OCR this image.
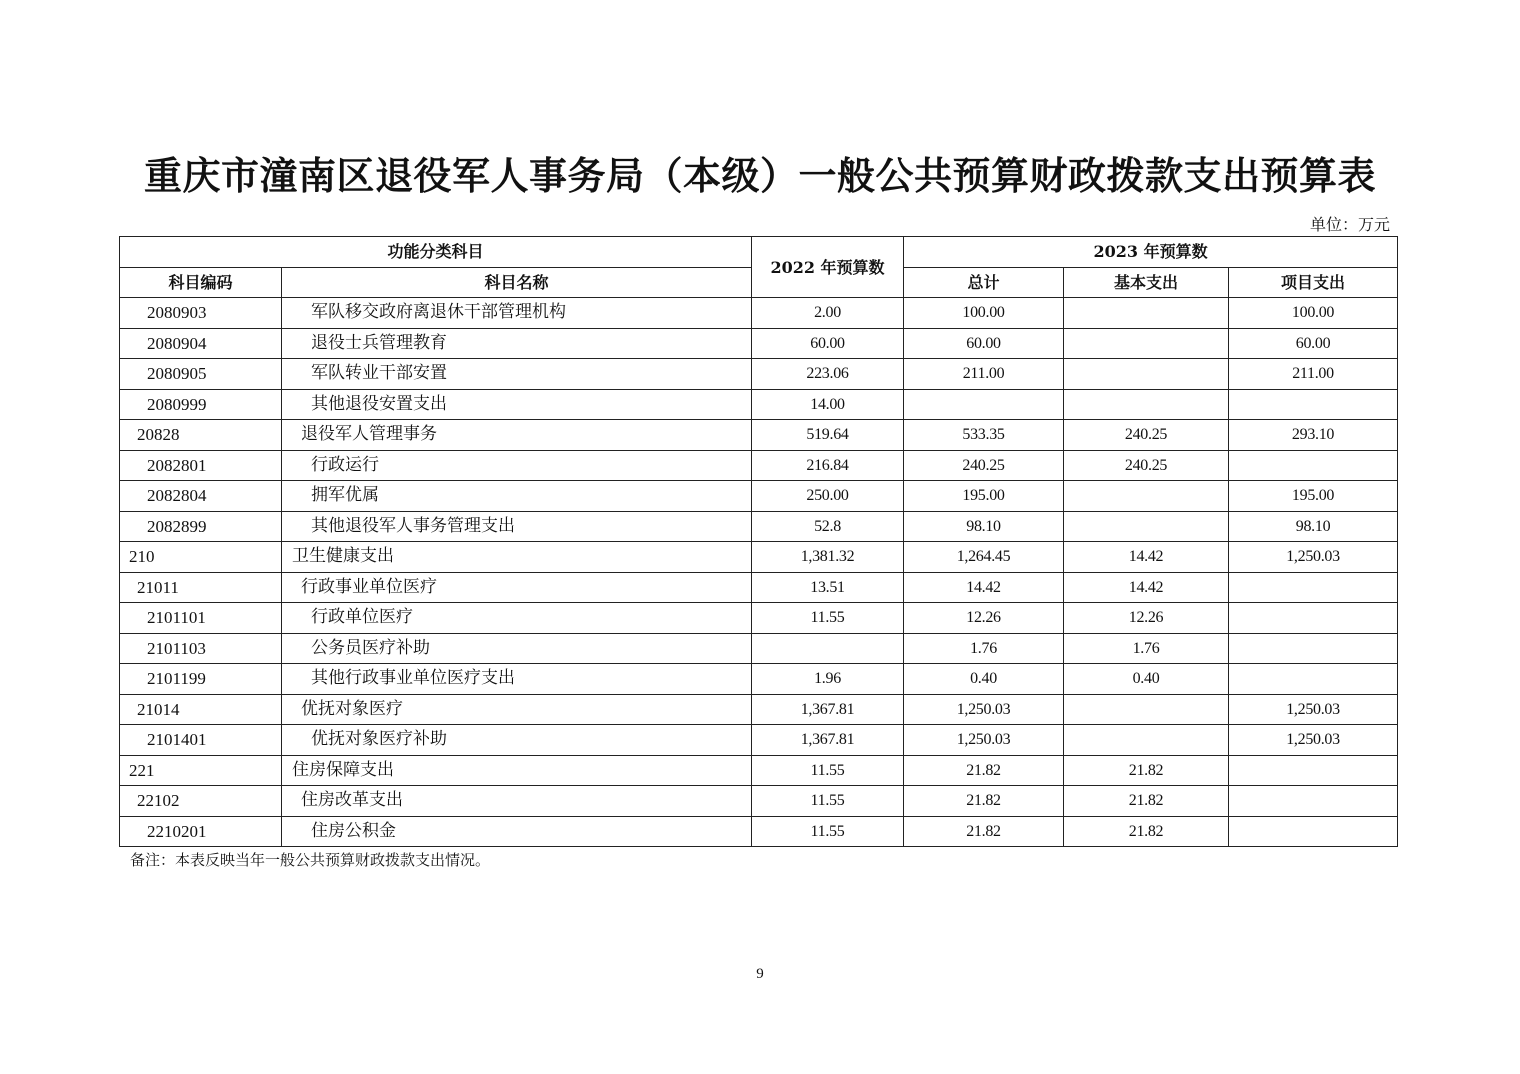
重庆市潼南区退役军人事务局（本级）一般公共预算财政拨款支出预算表
单位：万元
功能分类科目		2022 年预算数	2023 年预算数		
科目编码	科目名称		总计	基本支出	项目支出
2080903	军队移交政府离退休干部管理机构	2.00	100.00		100.00
2080904	退役士兵管理教育	60.00	60.00		60.00
2080905	军队转业干部安置	223.06	211.00		211.00
2080999	其他退役安置支出	14.00			
20828	退役军人管理事务	519.64	533.35	240.25	293.10
2082801	行政运行	216.84	240.25	240.25	
2082804	拥军优属	250.00	195.00		195.00
2082899	其他退役军人事务管理支出	52.8	98.10		98.10
210	卫生健康支出	1,381.32	1,264.45	14.42	1,250.03
21011	行政事业单位医疗	13.51	14.42	14.42	
2101101	行政单位医疗	11.55	12.26	12.26	
2101103	公务员医疗补助		1.76	1.76	
2101199	其他行政事业单位医疗支出	1.96	0.40	0.40	
21014	优抚对象医疗	1,367.81	1,250.03		1,250.03
2101401	优抚对象医疗补助	1,367.81	1,250.03		1,250.03
221	住房保障支出	11.55	21.82	21.82	
22102	住房改革支出	11.55	21.82	21.82	
2210201	住房公积金	11.55	21.82	21.82	
备注：本表反映当年一般公共预算财政拨款支出情况。
9
